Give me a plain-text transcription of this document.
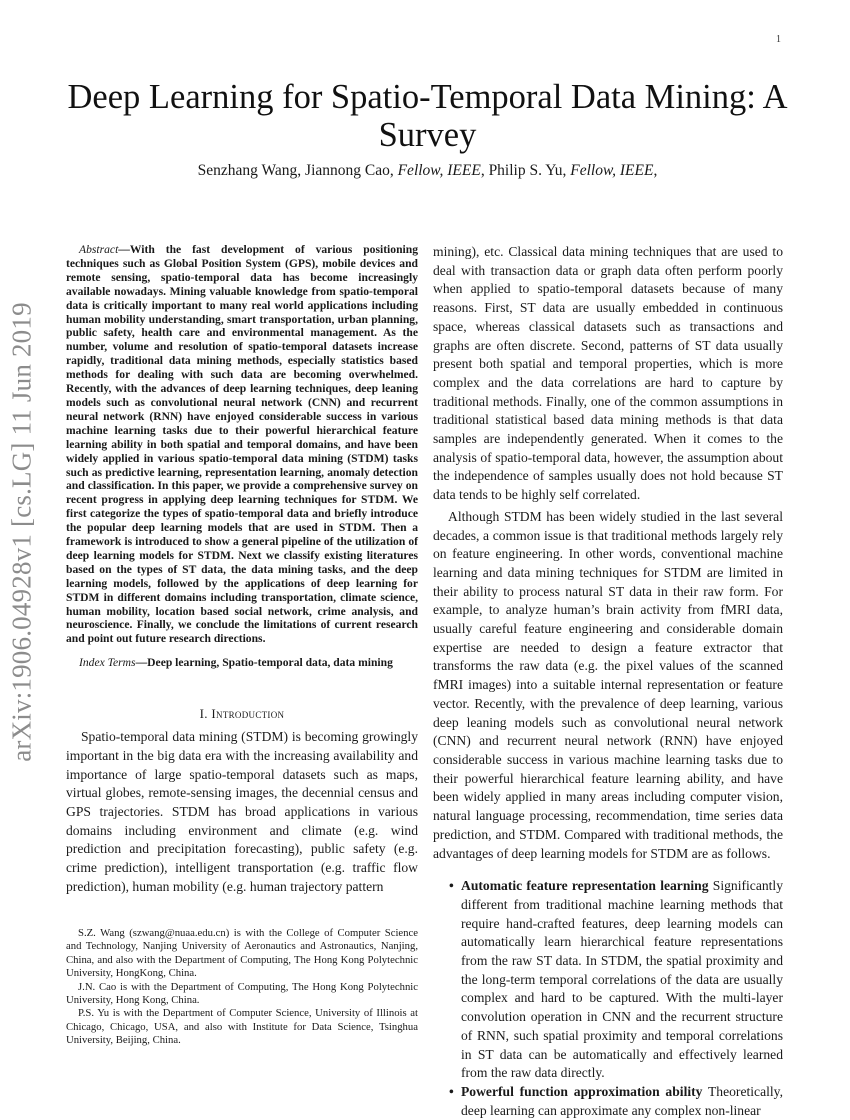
1
arXiv:1906.04928v1 [cs.LG] 11 Jun 2019
Deep Learning for Spatio-Temporal Data Mining: A Survey
Senzhang Wang, Jiannong Cao, Fellow, IEEE, Philip S. Yu, Fellow, IEEE,

Abstract—With the fast development of various positioning techniques such as Global Position System (GPS), mobile devices and remote sensing, spatio-temporal data has become increasingly available nowadays. Mining valuable knowledge from spatio-temporal data is critically important to many real world applications including human mobility understanding, smart transportation, urban planning, public safety, health care and environmental management. As the number, volume and resolution of spatio-temporal datasets increase rapidly, traditional data mining methods, especially statistics based methods for dealing with such data are becoming overwhelmed. Recently, with the advances of deep learning techniques, deep leaning models such as convolutional neural network (CNN) and recurrent neural network (RNN) have enjoyed considerable success in various machine learning tasks due to their powerful hierarchical feature learning ability in both spatial and temporal domains, and have been widely applied in various spatio-temporal data mining (STDM) tasks such as predictive learning, representation learning, anomaly detection and classification. In this paper, we provide a comprehensive survey on recent progress in applying deep learning techniques for STDM. We first categorize the types of spatio-temporal data and briefly introduce the popular deep learning models that are used in STDM. Then a framework is introduced to show a general pipeline of the utilization of deep learning models for STDM. Next we classify existing literatures based on the types of ST data, the data mining tasks, and the deep learning models, followed by the applications of deep learning for STDM in different domains including transportation, climate science, human mobility, location based social network, crime analysis, and neuroscience. Finally, we conclude the limitations of current research and point out future research directions.

Index Terms—Deep learning, Spatio-temporal data, data mining

I. Introduction

Spatio-temporal data mining (STDM) is becoming growingly important in the big data era with the increasing availability and importance of large spatio-temporal datasets such as maps, virtual globes, remote-sensing images, the decennial census and GPS trajectories. STDM has broad applications in various domains including environment and climate (e.g. wind prediction and precipitation forecasting), public safety (e.g. crime prediction), intelligent transportation (e.g. traffic flow prediction), human mobility (e.g. human trajectory pattern

S.Z. Wang (szwang@nuaa.edu.cn) is with the College of Computer Science and Technology, Nanjing University of Aeronautics and Astronautics, Nanjing, China, and also with the Department of Computing, The Hong Kong Polytechnic University, HongKong, China.

J.N. Cao is with the Department of Computing, The Hong Kong Polytechnic University, Hong Kong, China.

P.S. Yu is with the Department of Computer Science, University of Illinois at Chicago, Chicago, USA, and also with Institute for Data Science, Tsinghua University, Beijing, China.

mining), etc. Classical data mining techniques that are used to deal with transaction data or graph data often perform poorly when applied to spatio-temporal datasets because of many reasons. First, ST data are usually embedded in continuous space, whereas classical datasets such as transactions and graphs are often discrete. Second, patterns of ST data usually present both spatial and temporal properties, which is more complex and the data correlations are hard to capture by traditional methods. Finally, one of the common assumptions in traditional statistical based data mining methods is that data samples are independently generated. When it comes to the analysis of spatio-temporal data, however, the assumption about the independence of samples usually does not hold because ST data tends to be highly self correlated.

Although STDM has been widely studied in the last several decades, a common issue is that traditional methods largely rely on feature engineering. In other words, conventional machine learning and data mining techniques for STDM are limited in their ability to process natural ST data in their raw form. For example, to analyze human’s brain activity from fMRI data, usually careful feature engineering and considerable domain expertise are needed to design a feature extractor that transforms the raw data (e.g. the pixel values of the scanned fMRI images) into a suitable internal representation or feature vector. Recently, with the prevalence of deep learning, various deep leaning models such as convolutional neural network (CNN) and recurrent neural network (RNN) have enjoyed considerable success in various machine learning tasks due to their powerful hierarchical feature learning ability, and have been widely applied in many areas including computer vision, natural language processing, recommendation, time series data prediction, and STDM. Compared with traditional methods, the advantages of deep learning models for STDM are as follows.

• Automatic feature representation learning Significantly different from traditional machine learning methods that require hand-crafted features, deep learning models can automatically learn hierarchical feature representations from the raw ST data. In STDM, the spatial proximity and the long-term temporal correlations of the data are usually complex and hard to be captured. With the multi-layer convolution operation in CNN and the recurrent structure of RNN, such spatial proximity and temporal correlations in ST data can be automatically and effectively learned from the raw data directly.
• Powerful function approximation ability Theoretically, deep learning can approximate any complex non-linear
